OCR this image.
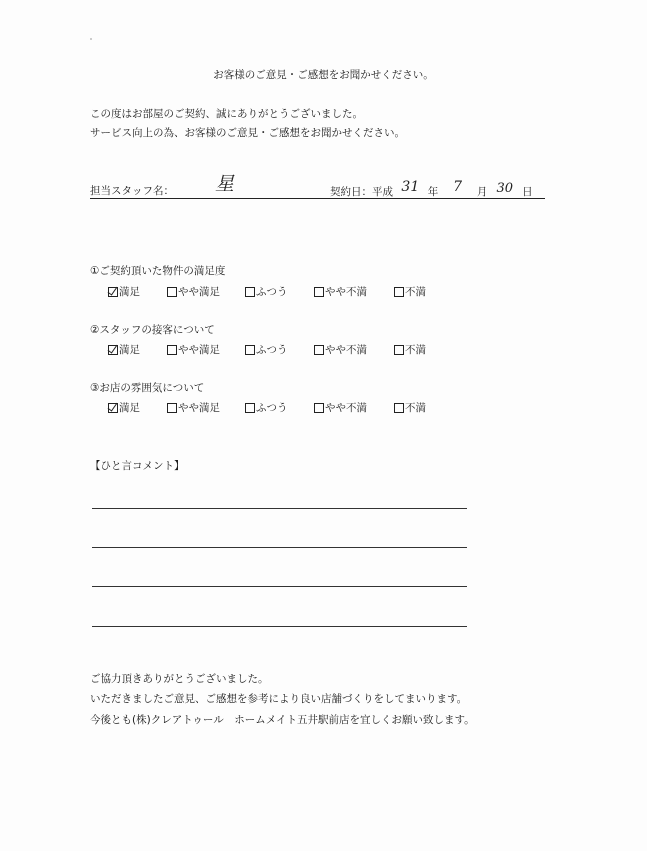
お客様のご意見・ご感想をお聞かせください。
この度はお部屋のご契約、誠にありがとうございました。
サービス向上の為、お客様のご意見・ご感想をお聞かせください。
担当スタッフ名： 星	契約日：平成 31 年 7 月 30 日
①ご契約頂いた物件の満足度
満足	やや満足	ふつう	やや不満	不満
②スタッフの接客について
満足	やや満足	ふつう	やや不満	不満
③お店の雰囲気について
満足	やや満足	ふつう	やや不満	不満
【ひと言コメント】
ご協力頂きありがとうございました。
いただきましたご意見、ご感想を参考により良い店舗づくりをしてまいります。
今後とも(株)クレアトゥール　ホームメイト五井駅前店を宜しくお願い致します。
